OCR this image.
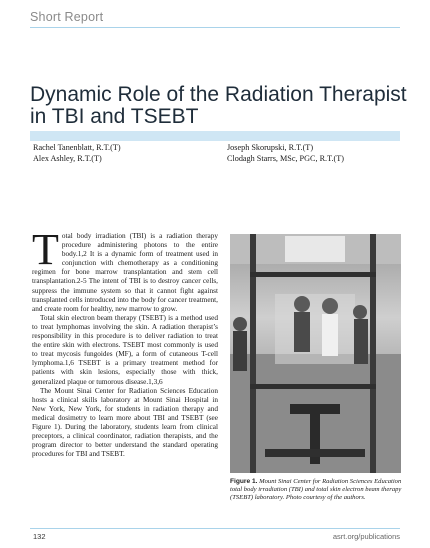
Short Report
Dynamic Role of the Radiation Therapist in TBI and TSEBT
Rachel Tanenblatt, R.T.(T)
Alex Ashley, R.T.(T)
Joseph Skorupski, R.T.(T)
Clodagh Starrs, MSc, PGC, R.T.(T)

Total body irradiation (TBI) is a radiation therapy procedure administering photons to the entire body.1,2 It is a dynamic form of treatment used in conjunction with chemotherapy as a conditioning regimen for bone marrow transplantation and stem cell transplantation.2-5 The intent of TBI is to destroy cancer cells, suppress the immune system so that it cannot fight against transplanted cells introduced into the body for cancer treatment, and create room for healthy, new marrow to grow.

Total skin electron beam therapy (TSEBT) is a method used to treat lymphomas involving the skin. A radiation therapist’s responsibility in this procedure is to deliver radiation to treat the entire skin with electrons. TSEBT most commonly is used to treat mycosis fungoides (MF), a form of cutaneous T-cell lymphoma.1,6 TSEBT is a primary treatment method for patients with skin lesions, especially those with thick, generalized plaque or tumorous disease.1,3,6

The Mount Sinai Center for Radiation Sciences Education hosts a clinical skills laboratory at Mount Sinai Hospital in New York, New York, for students in radiation therapy and medical dosimetry to learn more about TBI and TSEBT (see Figure 1). During the laboratory, students learn from clinical preceptors, a clinical coordinator, radiation therapists, and the program director to better understand the standard operating procedures for TBI and TSEBT.

Figure 1. Mount Sinai Center for Radiation Sciences Education total body irradiation (TBI) and total skin electron beam therapy (TSEBT) laboratory. Photo courtesy of the authors.
132	asrt.org/publications
